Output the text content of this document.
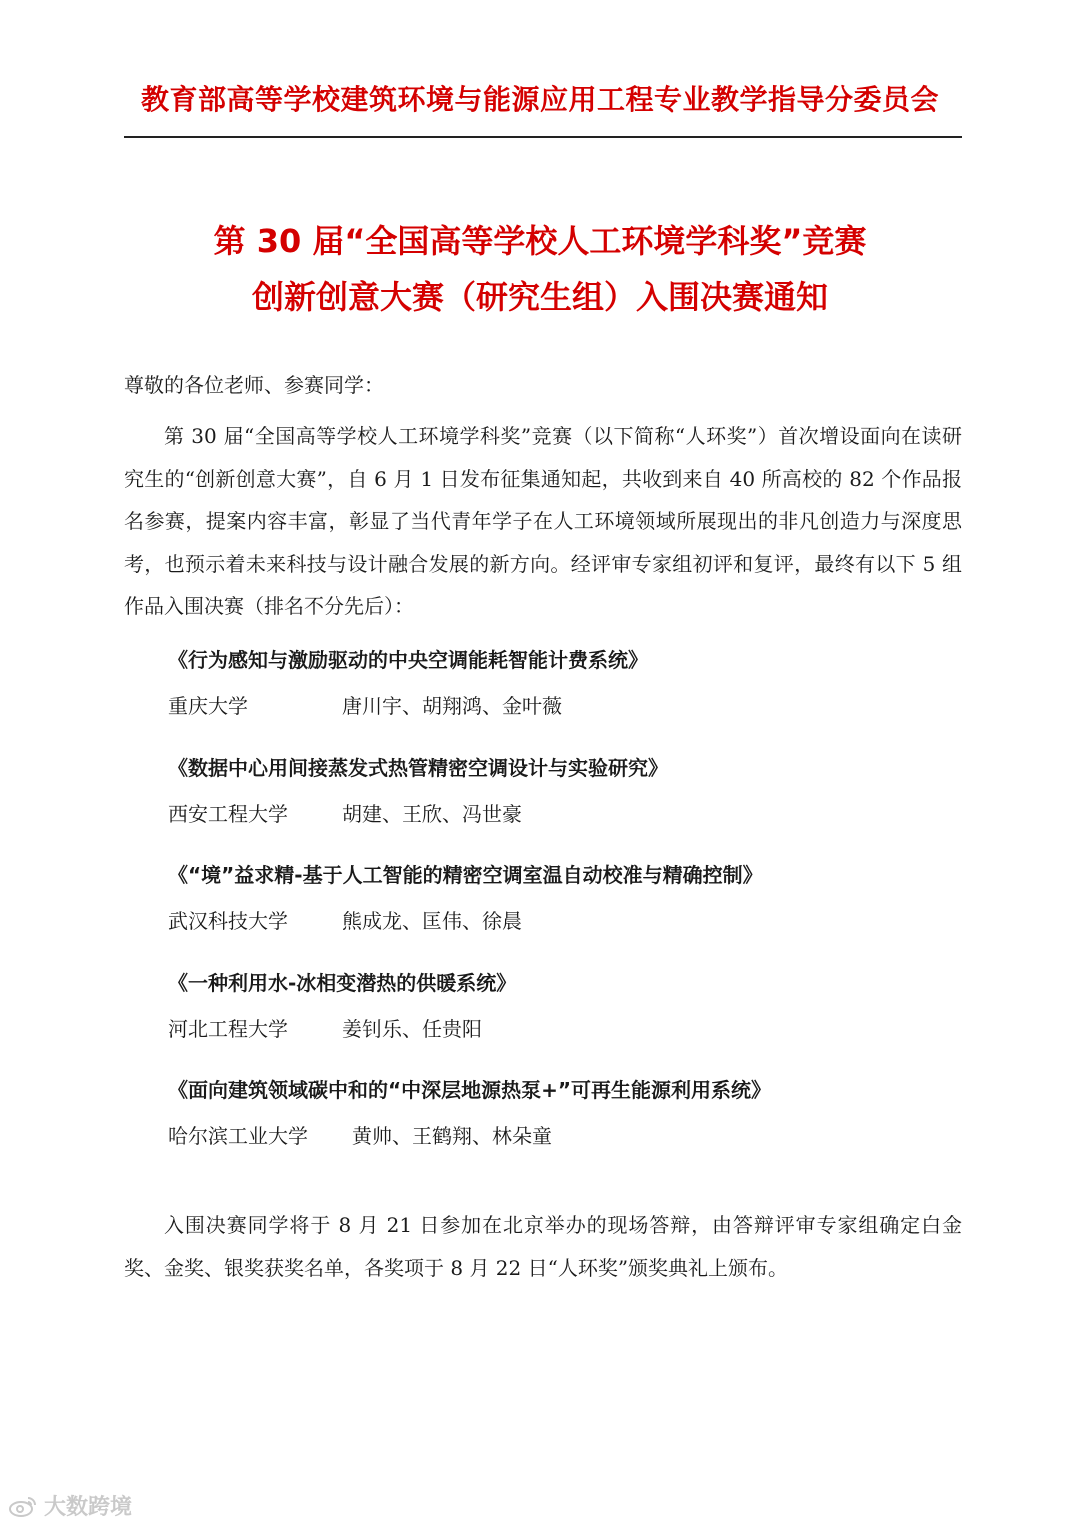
教育部高等学校建筑环境与能源应用工程专业教学指导分委员会
第 30 届“全国高等学校人工环境学科奖”竞赛
创新创意大赛（研究生组）入围决赛通知
尊敬的各位老师、参赛同学：
第 30 届“全国高等学校人工环境学科奖”竞赛（以下简称“人环奖”）首次增设面向在读研究生的“创新创意大赛”，自 6 月 1 日发布征集通知起，共收到来自 40 所高校的 82 个作品报名参赛，提案内容丰富，彰显了当代青年学子在人工环境领域所展现出的非凡创造力与深度思考，也预示着未来科技与设计融合发展的新方向。经评审专家组初评和复评，最终有以下 5 组作品入围决赛（排名不分先后）：
《行为感知与激励驱动的中央空调能耗智能计费系统》
重庆大学	唐川宇、胡翔鸿、金叶薇
《数据中心用间接蒸发式热管精密空调设计与实验研究》
西安工程大学	胡建、王欣、冯世豪
《“境”益求精-基于人工智能的精密空调室温自动校准与精确控制》
武汉科技大学	熊成龙、匡伟、徐晨
《一种利用水-冰相变潜热的供暖系统》
河北工程大学	姜钊乐、任贵阳
《面向建筑领域碳中和的“中深层地源热泵+”可再生能源利用系统》
哈尔滨工业大学 黄帅、王鹤翔、林朵童
入围决赛同学将于 8 月 21 日参加在北京举办的现场答辩，由答辩评审专家组确定白金奖、金奖、银奖获奖名单，各奖项于 8 月 22 日“人环奖”颁奖典礼上颁布。
大数跨境
